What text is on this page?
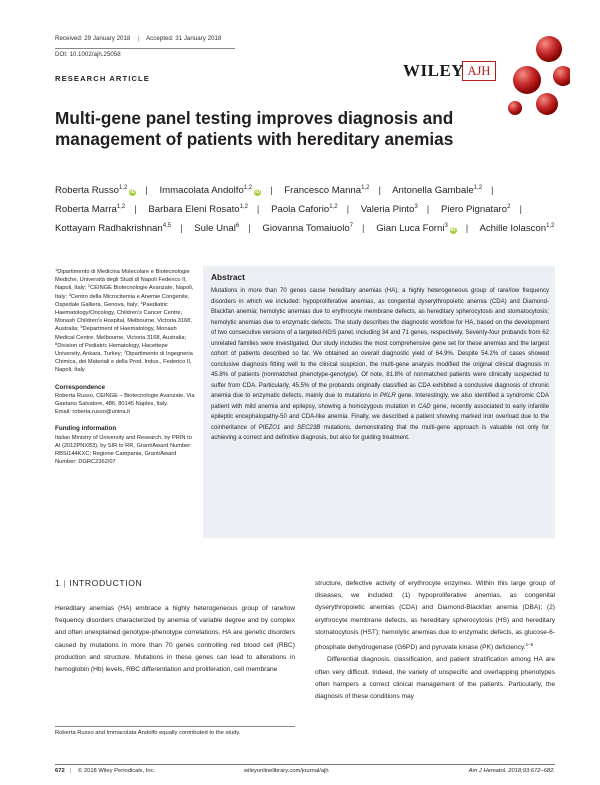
Received: 29 January 2018 | Accepted: 31 January 2018
DOI: 10.1002/ajh.25058
RESEARCH ARTICLE	WILEY AJH
Multi-gene panel testing improves diagnosis and management of patients with hereditary anemias
Roberta Russo$^{1,2}$iD | Immacolata Andolfo$^{1,2}$iD | Francesco Manna$^{1,2}$ | Antonella Gambale$^{1,2}$ | Roberta Marra$^{1,2}$ | Barbara Eleni Rosato$^{1,2}$ | Paola Caforio$^{1,2}$ | Valeria Pinto$^3$ | Piero Pignataro$^2$ | Kottayam Radhakrishnan$^{4,5}$ | Sule Unal$^6$ | Giovanna Tomaiuolo$^7$ | Gian Luca Forni$^3$iD | Achille Iolascon$^{1,2}$
$^1$Dipartimento di Medicina Molecolare e Biotecnologie Mediche, Università degli Studi di Napoli Federico II, Napoli, Italy; $^2$CEINGE Biotecnologie Avanzate, Napoli, Italy; $^3$Centro della Microcitemia e Anemie Congenite, Ospedale Galliera, Genova, Italy; $^4$Paediatric Haematology/Oncology, Children's Cancer Centre, Monash Children's Hospital, Melbourne, Victoria 3168, Australia; $^5$Department of Haematology, Monash Medical Centre, Melbourne, Victoria 3168, Australia; $^6$Division of Pediatric Hematology, Hacettepe University, Ankara, Turkey; $^7$Dipartimento di Ingegneria Chimica, dei Materiali e della Prod. Indus., Federico II, Napoli, Italy
Correspondence
Roberta Russo, CEINGE – Biotecnologie Avanzate, Via Gaetano Salvatore, 486, 80145 Naples, Italy.
Email: roberta.russo@unina.it
Funding information
Italian Ministry of University and Research, by PRIN to AI (2012PNXB3), by SIR to RR, Grant/Award Number: RBSI144KXC; Regione Campania, Grant/Award Number: DGRC2362/07
Abstract
Mutations in more than 70 genes cause hereditary anemias (HA), a highly heterogeneous group of rare/low frequency disorders in which we included: hypoproliferative anemias, as congenital dyserythropoietic anemia (CDA) and Diamond-Blackfan anemia; hemolytic anemias due to erythrocyte membrane defects, as hereditary spherocytosis and stomatocytosis; hemolytic anemias due to enzymatic defects. The study describes the diagnostic workflow for HA, based on the development of two consecutive versions of a targeted-NGS panel, including 34 and 71 genes, respectively. Seventy-four probands from 62 unrelated families were investigated. Our study includes the most comprehensive gene set for these anemias and the largest cohort of patients described so far. We obtained an overall diagnostic yield of 64.9%. Despite 54.2% of cases showed conclusive diagnosis fitting well to the clinical suspicion, the multi-gene analysis modified the original clinical diagnosis in 45.8% of patients (nonmatched phenotype-genotype). Of note, 81.8% of nonmatched patients were clinically suspected to suffer from CDA. Particularly, 45.5% of the probands originally classified as CDA exhibited a conclusive diagnosis of chronic anemia due to enzymatic defects, mainly due to mutations in PKLR gene. Interestingly, we also identified a syndromic CDA patient with mild anemia and epilepsy, showing a homozygous mutation in CAD gene, recently associated to early infantile epileptic encephalopathy-50 and CDA-like anemia. Finally, we described a patient showing marked iron overload due to the coinheritance of PIEZO1 and SEC23B mutations, demonstrating that the multi-gene approach is valuable not only for achieving a correct and definitive diagnosis, but also for guiding treatment.
1 | INTRODUCTION

Hereditary anemias (HA) embrace a highly heterogeneous group of rare/low frequency disorders characterized by anemia of variable degree and by complex and often unexplained genotype-phenotype correlations. HA are genetic disorders caused by mutations in more than 70 genes controlling red blood cell (RBC) production and structure. Mutations in these genes can lead to alterations in hemoglobin (Hb) levels, RBC differentiation and proliferation, cell membrane

structure, defective activity of erythrocyte enzymes. Within this large group of diseases, we included: (1) hypoproliferative anemias, as congenital dyserythropoietic anemias (CDA) and Diamond-Blackfan anemia (DBA); (2) erythrocyte membrane defects, as hereditary spherocytosis (HS) and hereditary stomatocytosis (HST); hemolytic anemias due to enzymatic defects, as glucose-6-phosphate dehydrogenase (G6PD) and pyruvate kinase (PK) deficiency.$^{1-6}$

Differential diagnosis, classification, and patient stratification among HA are often very difficult. Indeed, the variety of unspecific and overlapping phenotypes often hampers a correct clinical management of the patients. Particularly, the diagnosis of these conditions may

Roberta Russo and Immacolata Andolfo equally contributed to the study.
672 | © 2018 Wiley Periodicals, Inc.	wileyonlinelibrary.com/journal/ajh	Am J Hematol. 2018;93:672–682.
